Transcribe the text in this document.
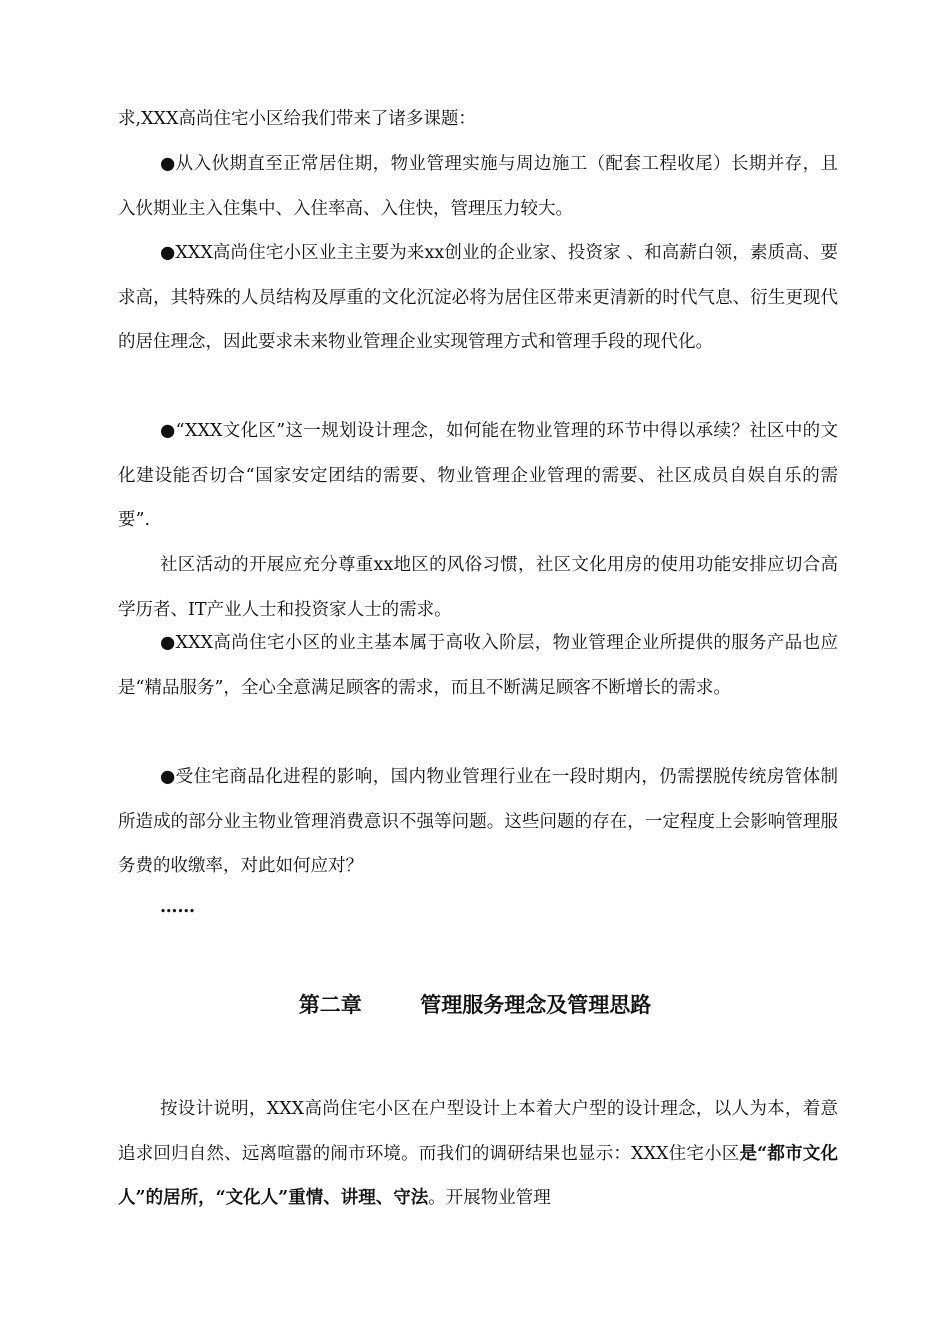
求,XXX高尚住宅小区给我们带来了诸多课题：

●从入伙期直至正常居住期，物业管理实施与周边施工（配套工程收尾）长期并存，且入伙期业主入住集中、入住率高、入住快，管理压力较大。

●XXX高尚住宅小区业主主要为来xx创业的企业家、投资家 、和高薪白领，素质高、要求高，其特殊的人员结构及厚重的文化沉淀必将为居住区带来更清新的时代气息、衍生更现代的居住理念，因此要求未来物业管理企业实现管理方式和管理手段的现代化。

●“XXX文化区”这一规划设计理念，如何能在物业管理的环节中得以承续？社区中的文化建设能否切合“国家安定团结的需要、物业管理企业管理的需要、社区成员自娱自乐的需要”.

社区活动的开展应充分尊重xx地区的风俗习惯，社区文化用房的使用功能安排应切合高学历者、IT产业人士和投资家人士的需求。

●XXX高尚住宅小区的业主基本属于高收入阶层，物业管理企业所提供的服务产品也应是“精品服务”，全心全意满足顾客的需求，而且不断满足顾客不断增长的需求。

●受住宅商品化进程的影响，国内物业管理行业在一段时期内，仍需摆脱传统房管体制所造成的部分业主物业管理消费意识不强等问题。这些问题的存在，一定程度上会影响管理服务费的收缴率，对此如何应对？

……
第二章	管理服务理念及管理思路

按设计说明，XXX高尚住宅小区在户型设计上本着大户型的设计理念，以人为本，着意追求回归自然、远离喧嚣的闹市环境。而我们的调研结果也显示：XXX住宅小区是“都市文化人”的居所，“文化人”重情、讲理、守法。开展物业管理
